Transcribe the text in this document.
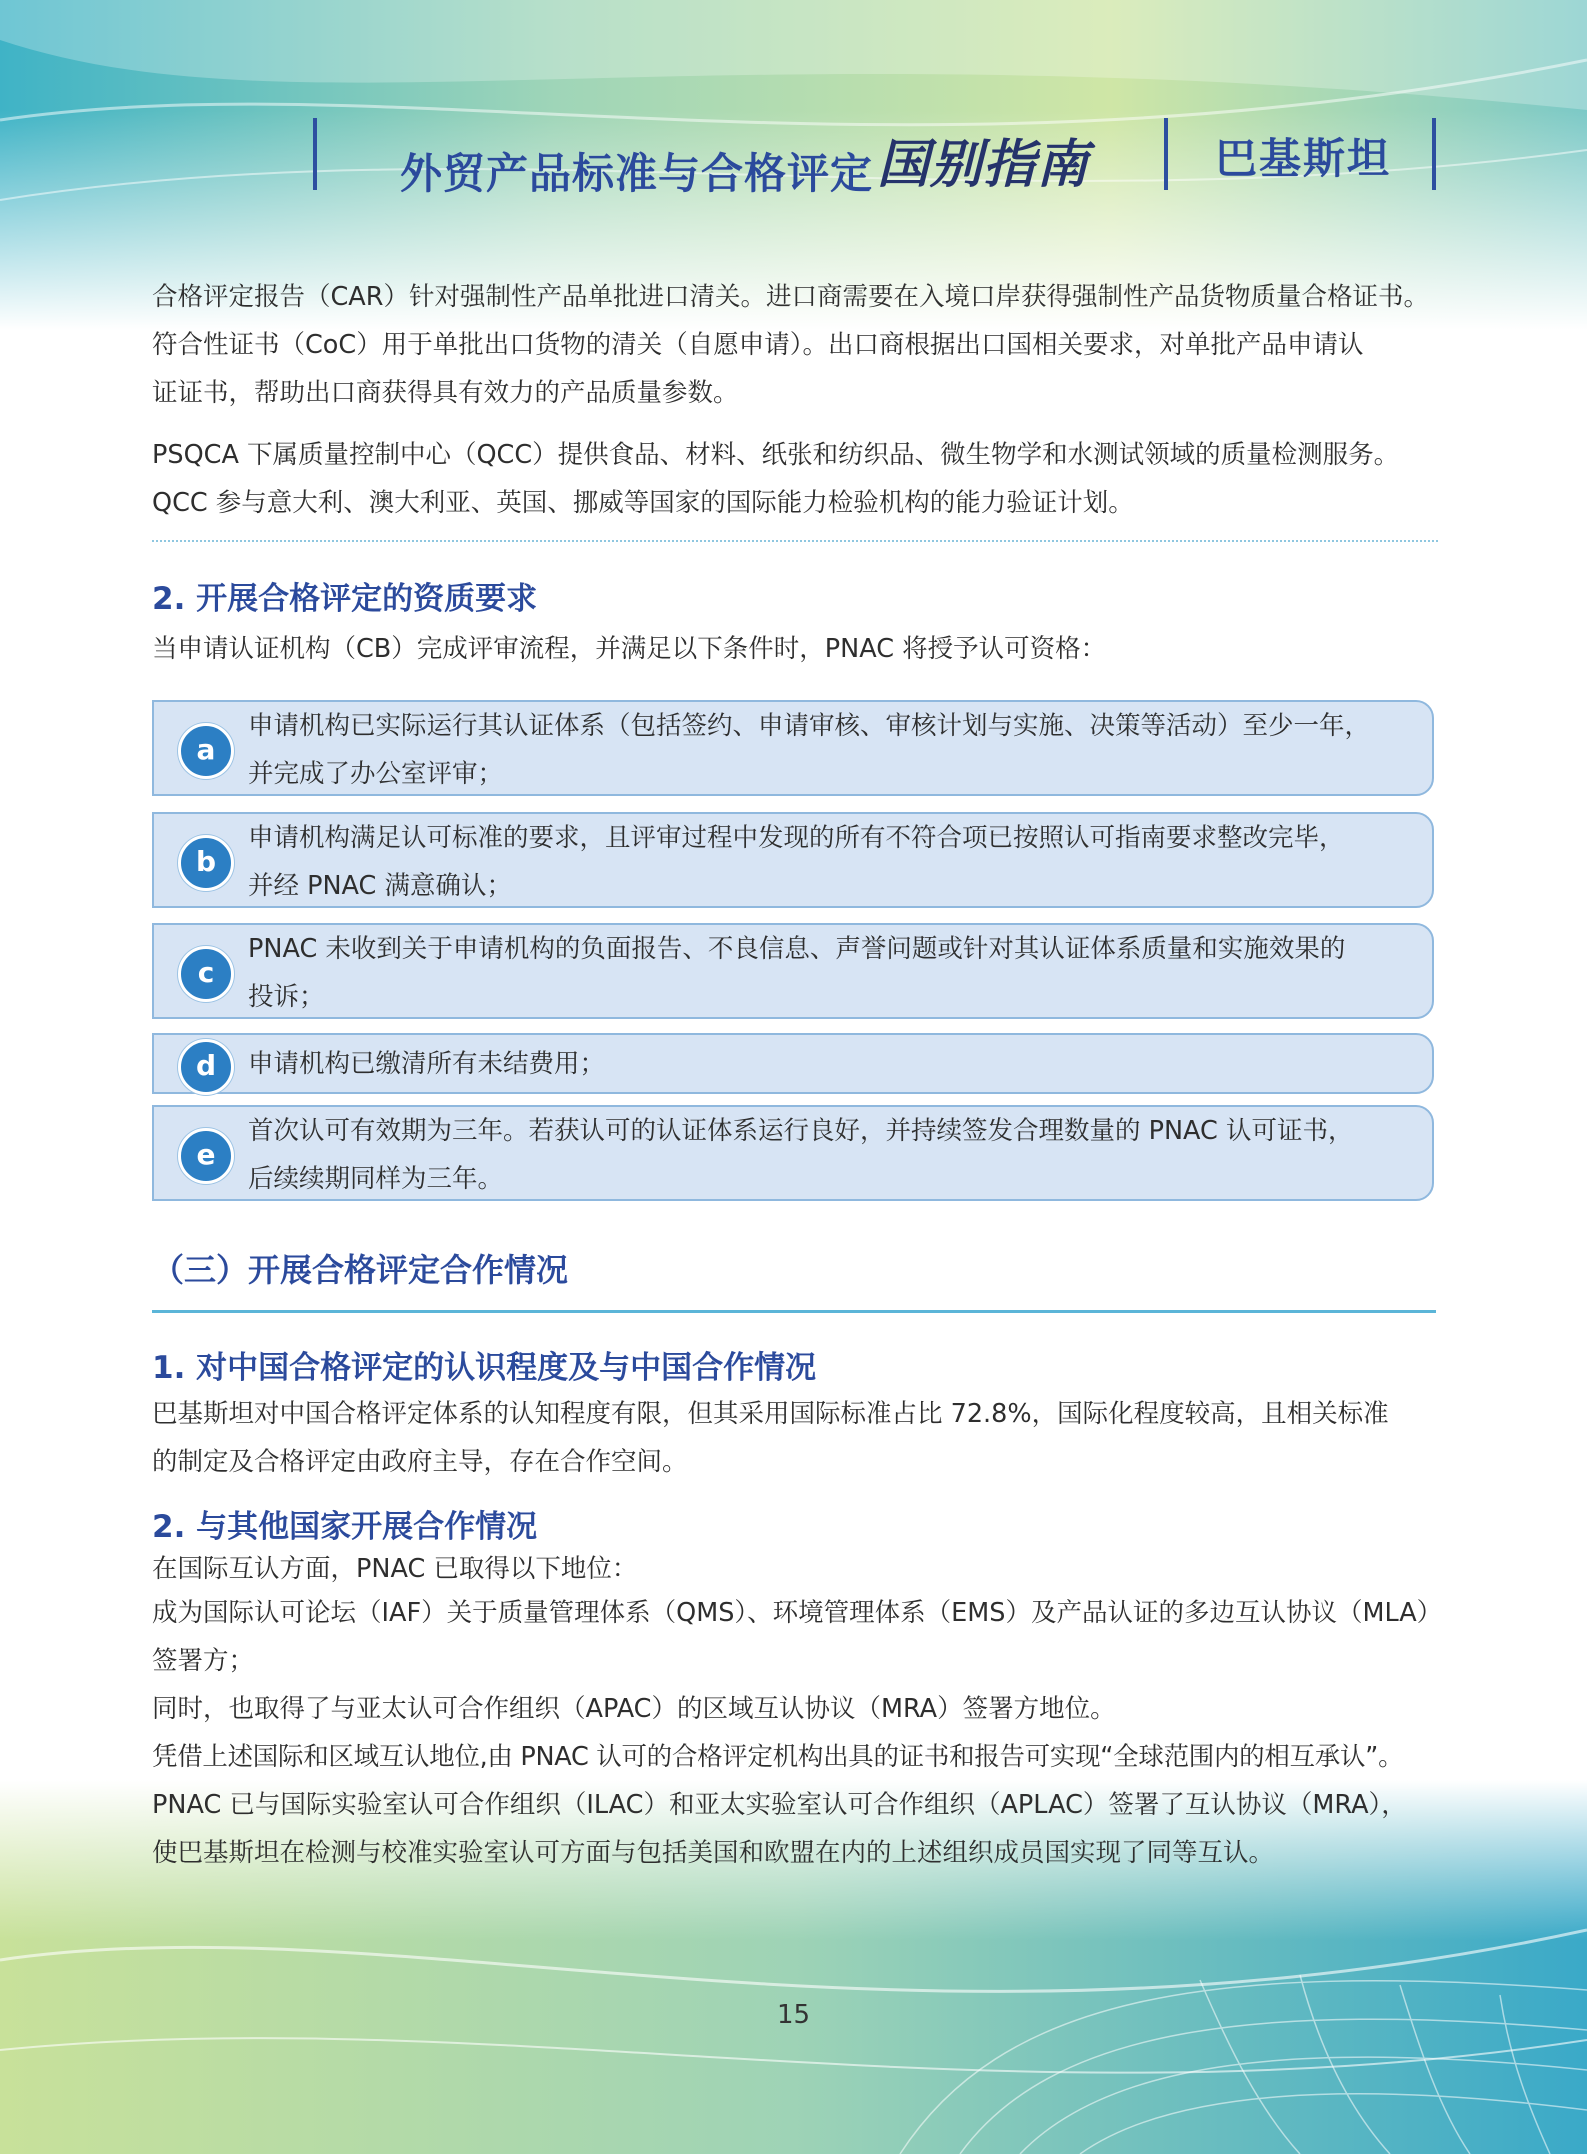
外贸产品标准与合格评定国别指南	巴基斯坦

合格评定报告（CAR）针对强制性产品单批进口清关。进口商需要在入境口岸获得强制性产品货物质量合格证书。

符合性证书（CoC）用于单批出口货物的清关（自愿申请）。出口商根据出口国相关要求，对单批产品申请认

证证书，帮助出口商获得具有效力的产品质量参数。

PSQCA 下属质量控制中心（QCC）提供食品、材料、纸张和纺织品、微生物学和水测试领域的质量检测服务。

QCC 参与意大利、澳大利亚、英国、挪威等国家的国际能力检验机构的能力验证计划。

2. 开展合格评定的资质要求

当申请认证机构（CB）完成评审流程，并满足以下条件时，PNAC 将授予认可资格：

a
申请机构已实际运行其认证体系（包括签约、申请审核、审核计划与实施、决策等活动）至少一年，
并完成了办公室评审；
b
申请机构满足认可标准的要求，且评审过程中发现的所有不符合项已按照认可指南要求整改完毕，
并经 PNAC 满意确认；
c
PNAC 未收到关于申请机构的负面报告、不良信息、声誉问题或针对其认证体系质量和实施效果的
投诉；
d	申请机构已缴清所有未结费用；
e
首次认可有效期为三年。若获认可的认证体系运行良好，并持续签发合理数量的 PNAC 认可证书，
后续续期同样为三年。
（三）开展合格评定合作情况
1. 对中国合格评定的认识程度及与中国合作情况

巴基斯坦对中国合格评定体系的认知程度有限，但其采用国际标准占比 72.8%，国际化程度较高，且相关标准

的制定及合格评定由政府主导，存在合作空间。

2. 与其他国家开展合作情况

在国际互认方面，PNAC 已取得以下地位：

成为国际认可论坛（IAF）关于质量管理体系（QMS）、环境管理体系（EMS）及产品认证的多边互认协议（MLA）

签署方；

同时，也取得了与亚太认可合作组织（APAC）的区域互认协议（MRA）签署方地位。

凭借上述国际和区域互认地位,由 PNAC 认可的合格评定机构出具的证书和报告可实现“全球范围内的相互承认”。

PNAC 已与国际实验室认可合作组织（ILAC）和亚太实验室认可合作组织（APLAC）签署了互认协议（MRA），

使巴基斯坦在检测与校准实验室认可方面与包括美国和欧盟在内的上述组织成员国实现了同等互认。

15
